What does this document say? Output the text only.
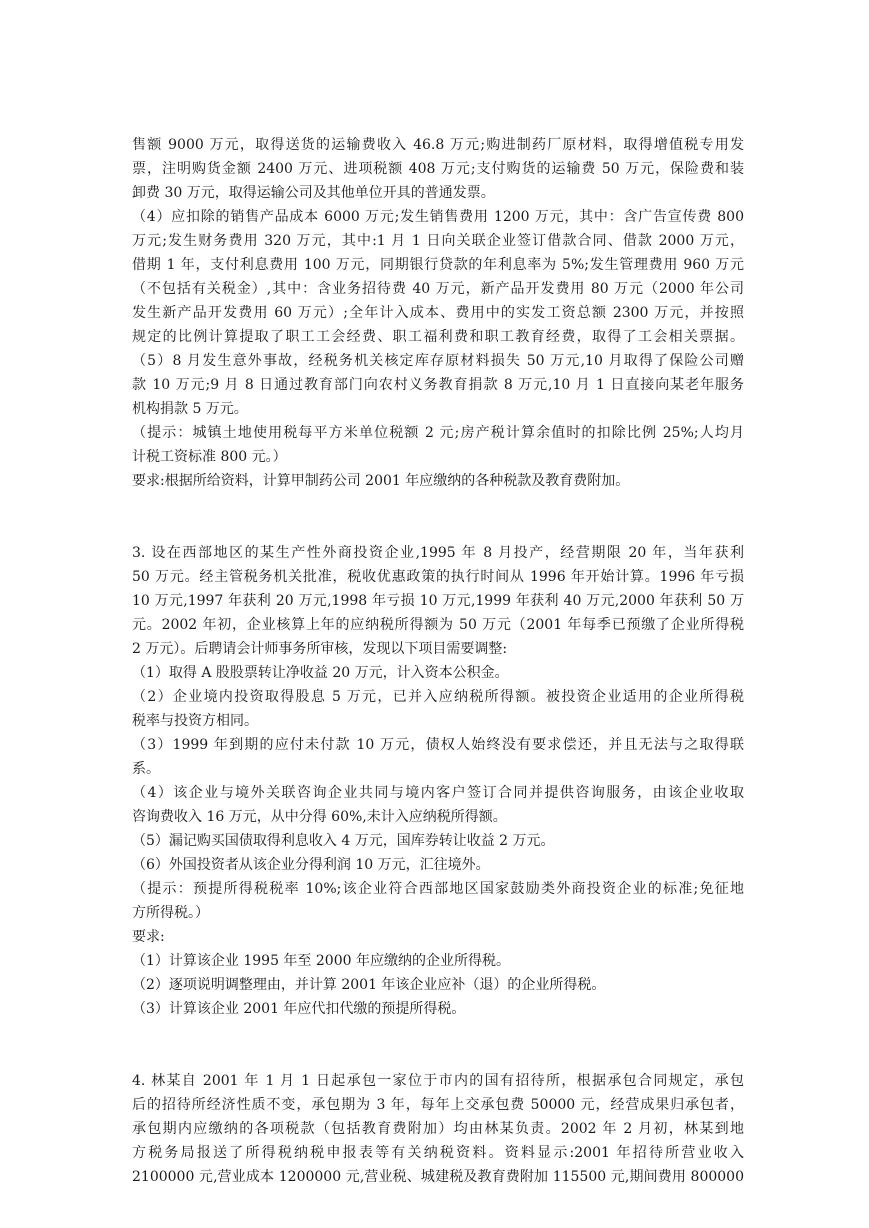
售额 9000 万元，取得送货的运输费收入 46.8 万元;购进制药厂原材料，取得增值税专用发
票，注明购货金额 2400 万元、进项税额 408 万元;支付购货的运输费 50 万元，保险费和装
卸费 30 万元，取得运输公司及其他单位开具的普通发票。
（4）应扣除的销售产品成本 6000 万元;发生销售费用 1200 万元，其中：含广告宣传费 800
万元;发生财务费用 320 万元，其中:1 月 1 日向关联企业签订借款合同、借款 2000 万元，
借期 1 年，支付利息费用 100 万元，同期银行贷款的年利息率为 5%;发生管理费用 960 万元
（不包括有关税金）,其中：含业务招待费 40 万元，新产品开发费用 80 万元（2000 年公司
发生新产品开发费用 60 万元）;全年计入成本、费用中的实发工资总额 2300 万元，并按照
规定的比例计算提取了职工工会经费、职工福利费和职工教育经费，取得了工会相关票据。
（5）8 月发生意外事故，经税务机关核定库存原材料损失 50 万元,10 月取得了保险公司赠
款 10 万元;9 月 8 日通过教育部门向农村义务教育捐款 8 万元,10 月 1 日直接向某老年服务
机构捐款 5 万元。
（提示：城镇土地使用税每平方米单位税额 2 元;房产税计算余值时的扣除比例 25%;人均月
计税工资标准 800 元。）
要求:根据所给资料，计算甲制药公司 2001 年应缴纳的各种税款及教育费附加。
3. 设在西部地区的某生产性外商投资企业,1995 年 8 月投产，经营期限 20 年，当年获利
50 万元。经主管税务机关批准，税收优惠政策的执行时间从 1996 年开始计算。1996 年亏损
10 万元,1997 年获利 20 万元,1998 年亏损 10 万元,1999 年获利 40 万元,2000 年获利 50 万
元。2002 年初，企业核算上年的应纳税所得额为 50 万元（2001 年每季已预缴了企业所得税
2 万元）。后聘请会计师事务所审核，发现以下项目需要调整:
（1）取得 A 股股票转让净收益 20 万元，计入资本公积金。
（2）企业境内投资取得股息 5 万元，已并入应纳税所得额。被投资企业适用的企业所得税
税率与投资方相同。
（3）1999 年到期的应付未付款 10 万元，债权人始终没有要求偿还，并且无法与之取得联
系。
（4）该企业与境外关联咨询企业共同与境内客户签订合同并提供咨询服务，由该企业收取
咨询费收入 16 万元，从中分得 60%,未计入应纳税所得额。
（5）漏记购买国债取得利息收入 4 万元，国库券转让收益 2 万元。
（6）外国投资者从该企业分得利润 10 万元，汇往境外。
（提示：预提所得税税率 10%;该企业符合西部地区国家鼓励类外商投资企业的标准;免征地
方所得税。）
要求:
（1）计算该企业 1995 年至 2000 年应缴纳的企业所得税。
（2）逐项说明调整理由，并计算 2001 年该企业应补（退）的企业所得税。
（3）计算该企业 2001 年应代扣代缴的预提所得税。
4. 林某自 2001 年 1 月 1 日起承包一家位于市内的国有招待所，根据承包合同规定，承包
后的招待所经济性质不变，承包期为 3 年，每年上交承包费 50000 元，经营成果归承包者，
承包期内应缴纳的各项税款（包括教育费附加）均由林某负责。2002 年 2 月初，林某到地
方税务局报送了所得税纳税申报表等有关纳税资料。资料显示:2001 年招待所营业收入
2100000 元,营业成本 1200000 元,营业税、城建税及教育费附加 115500 元,期间费用 800000
